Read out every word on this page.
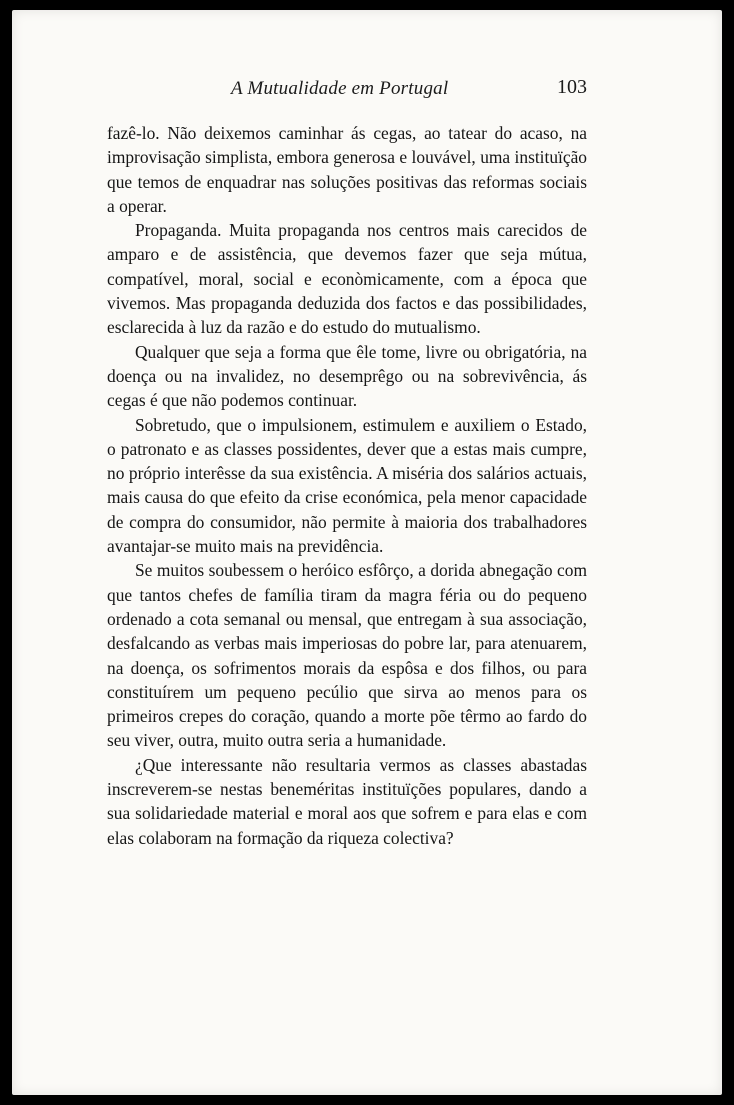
A Mutualidade em Portugal	103

fazê-lo. Não deixemos caminhar ás cegas, ao tatear do acaso, na improvisação simplista, embora generosa e louvável, uma instituïção que temos de enquadrar nas soluções positivas das reformas sociais a operar.

Propaganda. Muita propaganda nos centros mais carecidos de amparo e de assistência, que devemos fazer que seja mútua, compatível, moral, social e econòmicamente, com a época que vivemos. Mas propaganda deduzida dos factos e das possibilidades, esclarecida à luz da razão e do estudo do mutualismo.

Qualquer que seja a forma que êle tome, livre ou obrigatória, na doença ou na invalidez, no desemprêgo ou na sobrevivência, ás cegas é que não podemos continuar.

Sobretudo, que o impulsionem, estimulem e auxiliem o Estado, o patronato e as classes possidentes, dever que a estas mais cumpre, no próprio interêsse da sua existência. A miséria dos salários actuais, mais causa do que efeito da crise económica, pela menor capacidade de compra do consumidor, não permite à maioria dos trabalhadores avantajar-se muito mais na previdência.

Se muitos soubessem o heróico esfôrço, a dorida abnegação com que tantos chefes de família tiram da magra féria ou do pequeno ordenado a cota semanal ou mensal, que entregam à sua associação, desfalcando as verbas mais imperiosas do pobre lar, para atenuarem, na doença, os sofrimentos morais da espôsa e dos filhos, ou para constituírem um pequeno pecúlio que sirva ao menos para os primeiros crepes do coração, quando a morte põe têrmo ao fardo do seu viver, outra, muito outra seria a humanidade.

¿Que interessante não resultaria vermos as classes abastadas inscreverem-se nestas beneméritas instituïções populares, dando a sua solidariedade material e moral aos que sofrem e para elas e com elas colaboram na formação da riqueza colectiva?
